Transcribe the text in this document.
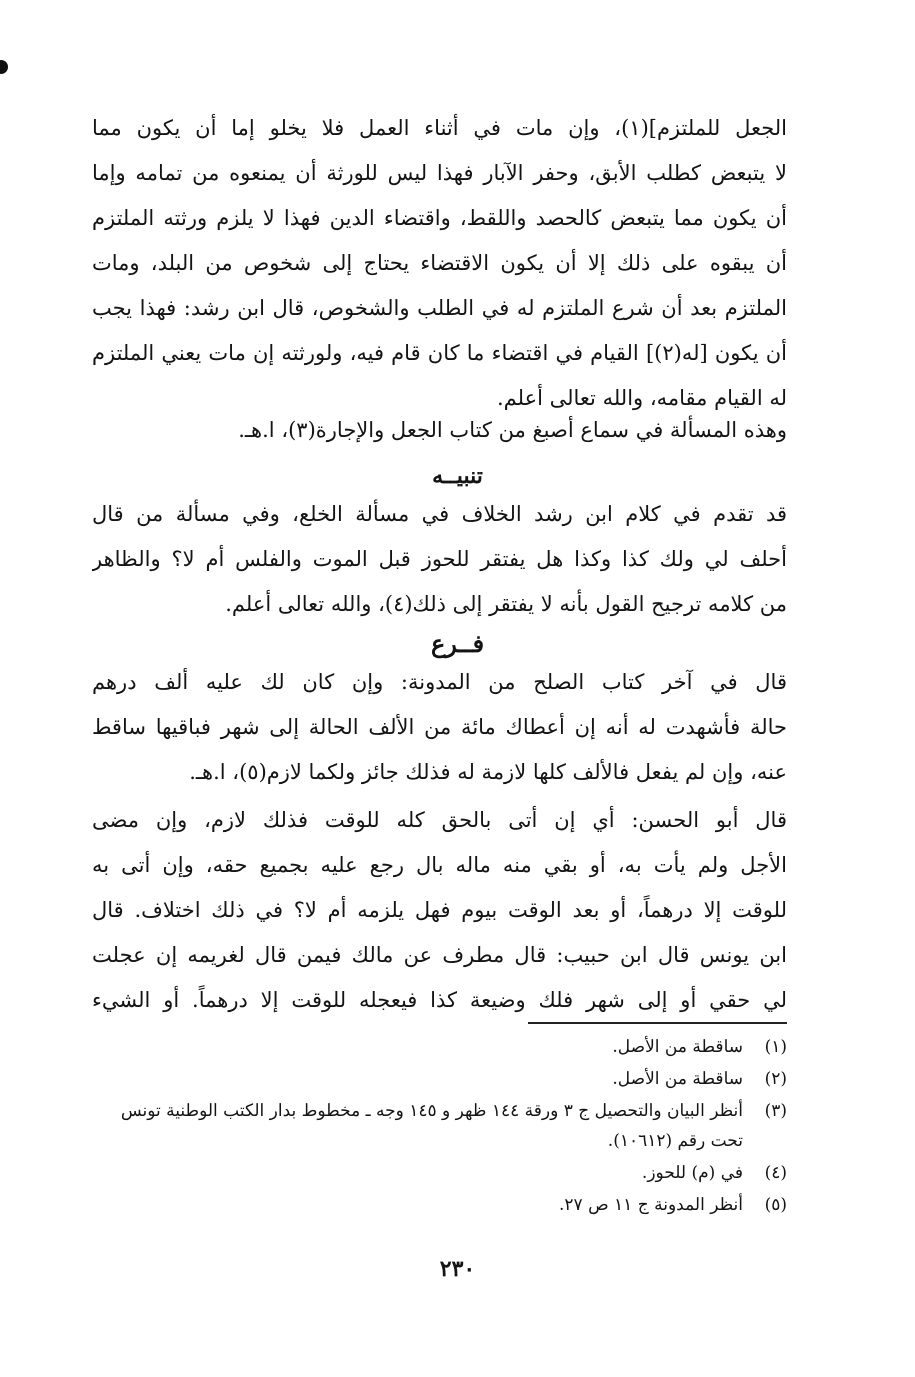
الجعل للملتزم](١)، وإن مات في أثناء العمل فلا يخلو إما أن يكون مما
لا يتبعض كطلب الأبق، وحفر الآبار فهذا ليس للورثة أن يمنعوه من تمامه وإما
أن يكون مما يتبعض كالحصد واللقط، واقتضاء الدين فهذا لا يلزم ورثته الملتزم
أن يبقوه على ذلك إلا أن يكون الاقتضاء يحتاج إلى شخوص من البلد، ومات
الملتزم بعد أن شرع الملتزم له في الطلب والشخوص، قال ابن رشد: فهذا يجب
أن يكون [له(٢)] القيام في اقتضاء ما كان قام فيه، ولورثته إن مات يعني الملتزم
له القيام مقامه، والله تعالى أعلم.
وهذه المسألة في سماع أصبغ من كتاب الجعل والإجارة(٣)، ا.هـ.
تنبيــه
قد تقدم في كلام ابن رشد الخلاف في مسألة الخلع، وفي مسألة من قال
أحلف لي ولك كذا وكذا هل يفتقر للحوز قبل الموت والفلس أم لا؟ والظاهر
من كلامه ترجيح القول بأنه لا يفتقر إلى ذلك(٤)، والله تعالى أعلم.
فــرع
قال في آخر كتاب الصلح من المدونة: وإن كان لك عليه ألف درهم
حالة فأشهدت له أنه إن أعطاك مائة من الألف الحالة إلى شهر فباقيها ساقط
عنه، وإن لم يفعل فالألف كلها لازمة له فذلك جائز ولكما لازم(٥)، ا.هـ.
قال أبو الحسن: أي إن أتى بالحق كله للوقت فذلك لازم، وإن مضى
الأجل ولم يأت به، أو بقي منه ماله بال رجع عليه بجميع حقه، وإن أتى به
للوقت إلا درهماً، أو بعد الوقت بيوم فهل يلزمه أم لا؟ في ذلك اختلاف. قال
ابن يونس قال ابن حبيب: قال مطرف عن مالك فيمن قال لغريمه إن عجلت
لي حقي أو إلى شهر فلك وضيعة كذا فيعجله للوقت إلا درهماً. أو الشيء
(١)
ساقطة من الأصل.
(٢)
ساقطة من الأصل.
(٣)
أنظر البيان والتحصيل ج ٣ ورقة ١٤٤ ظهر و ١٤٥ وجه ـ مخطوط بدار الكتب الوطنية تونس تحت رقم (١٠٦١٢).
(٤)
في (م) للحوز.
(٥)
أنظر المدونة ج ١١ ص ٢٧.
٢٣٠
